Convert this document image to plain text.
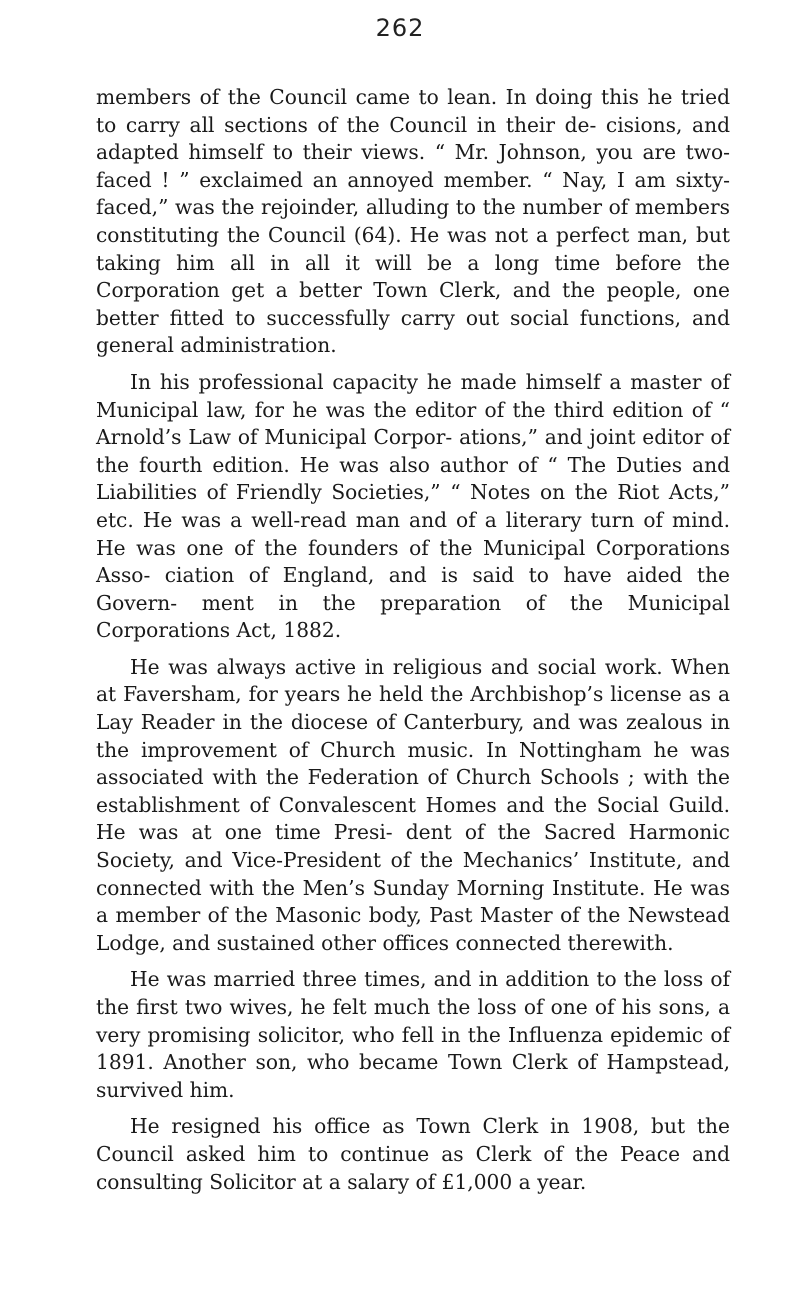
262

members of the Council came to lean. In doing this he tried to carry all sections of the Council in their de- cisions, and adapted himself to their views. “ Mr. Johnson, you are two-faced ! ” exclaimed an annoyed member. “ Nay, I am sixty-faced,” was the rejoinder, alluding to the number of members constituting the Council (64). He was not a perfect man, but taking him all in all it will be a long time before the Corporation get a better Town Clerk, and the people, one better fitted to successfully carry out social functions, and general administration.

In his professional capacity he made himself a master of Municipal law, for he was the editor of the third edition of “ Arnold’s Law of Municipal Corpor- ations,” and joint editor of the fourth edition. He was also author of “ The Duties and Liabilities of Friendly Societies,” “ Notes on the Riot Acts,” etc. He was a well-read man and of a literary turn of mind. He was one of the founders of the Municipal Corporations Asso- ciation of England, and is said to have aided the Govern- ment in the preparation of the Municipal Corporations Act, 1882.

He was always active in religious and social work. When at Faversham, for years he held the Archbishop’s license as a Lay Reader in the diocese of Canterbury, and was zealous in the improvement of Church music. In Nottingham he was associated with the Federation of Church Schools ; with the establishment of Convalescent Homes and the Social Guild. He was at one time Presi- dent of the Sacred Harmonic Society, and Vice-President of the Mechanics’ Institute, and connected with the Men’s Sunday Morning Institute. He was a member of the Masonic body, Past Master of the Newstead Lodge, and sustained other offices connected therewith.

He was married three times, and in addition to the loss of the first two wives, he felt much the loss of one of his sons, a very promising solicitor, who fell in the Influenza epidemic of 1891. Another son, who became Town Clerk of Hampstead, survived him.

He resigned his office as Town Clerk in 1908, but the Council asked him to continue as Clerk of the Peace and consulting Solicitor at a salary of £1,000 a year.
